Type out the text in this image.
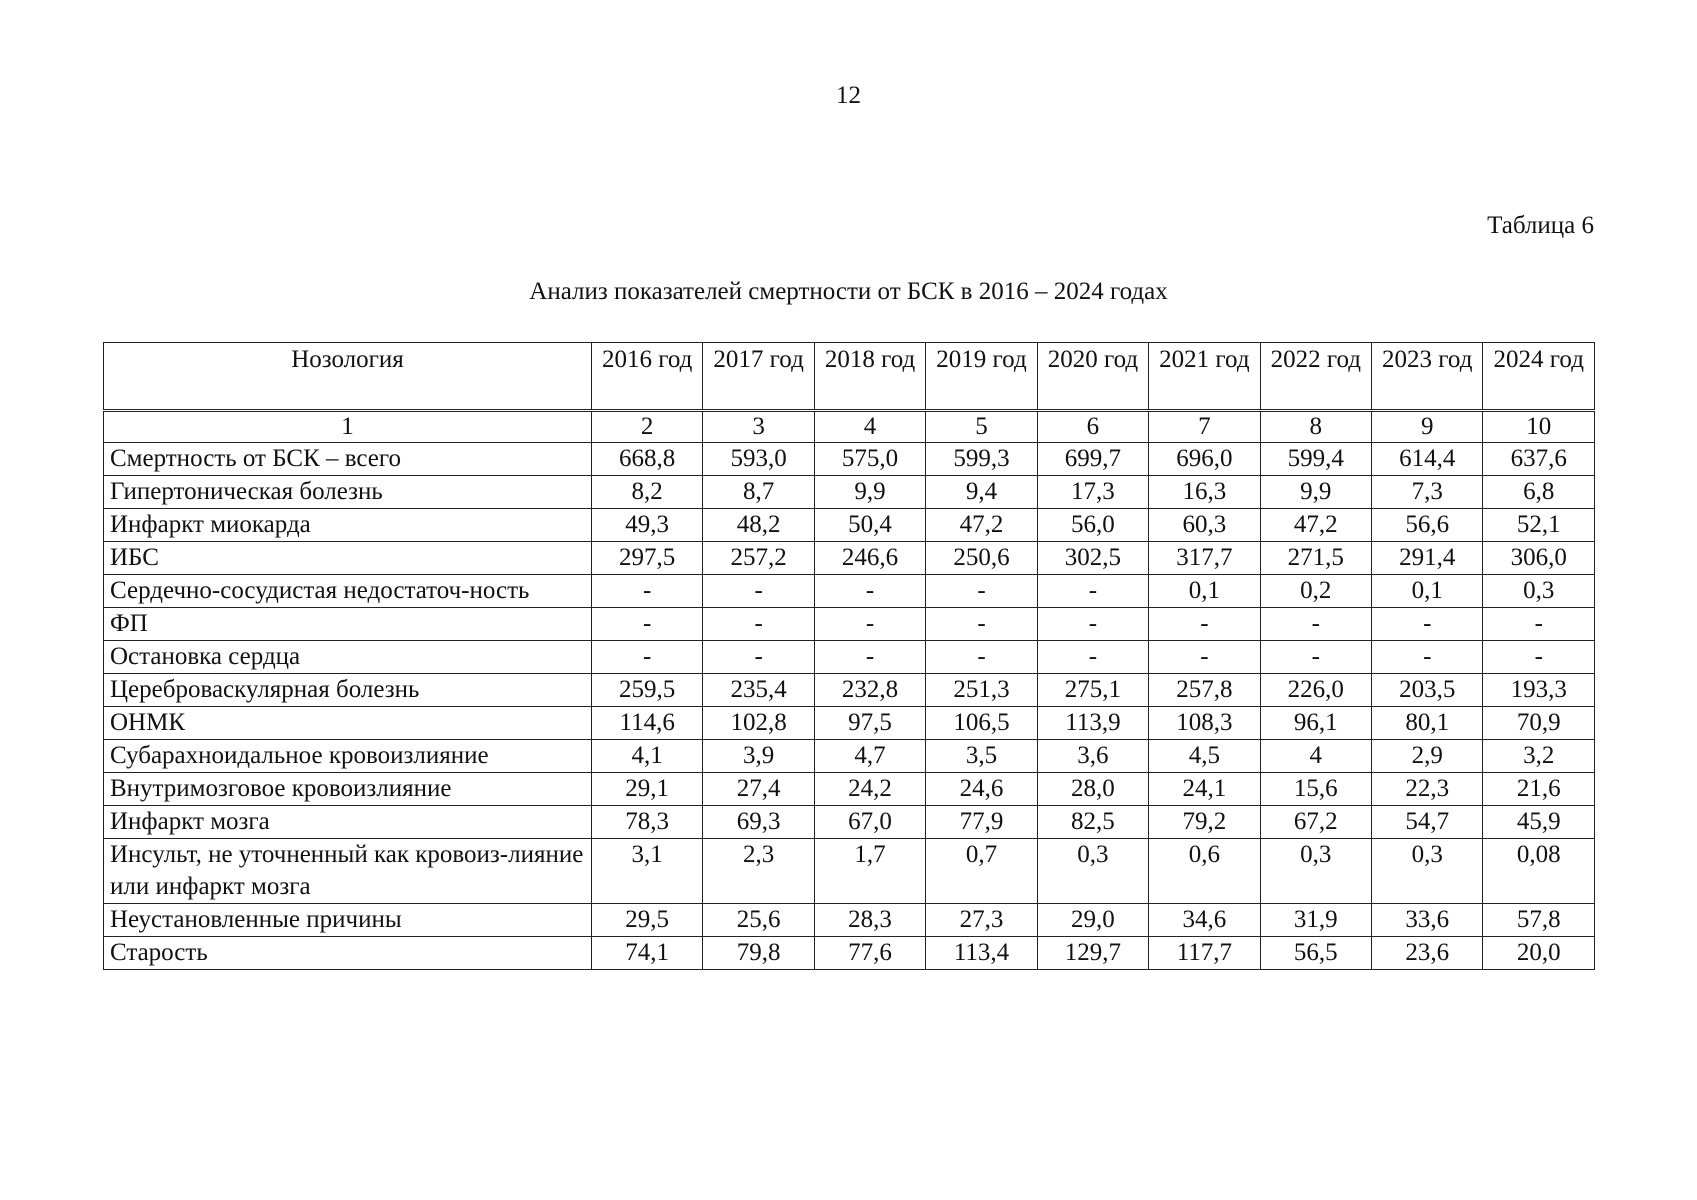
12
Таблица 6
Анализ показателей смертности от БСК в 2016 – 2024 годах
Нозология	2016 год	2017 год	2018 год	2019 год	2020 год	2021 год	2022 год	2023 год	2024 год
1	2	3	4	5	6	7	8	9	10
Смертность от БСК – всего	668,8	593,0	575,0	599,3	699,7	696,0	599,4	614,4	637,6
Гипертоническая болезнь	8,2	8,7	9,9	9,4	17,3	16,3	9,9	7,3	6,8
Инфаркт миокарда	49,3	48,2	50,4	47,2	56,0	60,3	47,2	56,6	52,1
ИБС	297,5	257,2	246,6	250,6	302,5	317,7	271,5	291,4	306,0
Сердечно-сосудистая недостаточ-ность	-	-	-	-	-	0,1	0,2	0,1	0,3
ФП	-	-	-	-	-	-	-	-	-
Остановка сердца	-	-	-	-	-	-	-	-	-
Цереброваскулярная болезнь	259,5	235,4	232,8	251,3	275,1	257,8	226,0	203,5	193,3
ОНМК	114,6	102,8	97,5	106,5	113,9	108,3	96,1	80,1	70,9
Субарахноидальное кровоизлияние	4,1	3,9	4,7	3,5	3,6	4,5	4	2,9	3,2
Внутримозговое кровоизлияние	29,1	27,4	24,2	24,6	28,0	24,1	15,6	22,3	21,6
Инфаркт мозга	78,3	69,3	67,0	77,9	82,5	79,2	67,2	54,7	45,9
Инсульт, не уточненный как кровоиз-лияние или инфаркт мозга	3,1	2,3	1,7	0,7	0,3	0,6	0,3	0,3	0,08
Неустановленные причины	29,5	25,6	28,3	27,3	29,0	34,6	31,9	33,6	57,8
Старость	74,1	79,8	77,6	113,4	129,7	117,7	56,5	23,6	20,0
